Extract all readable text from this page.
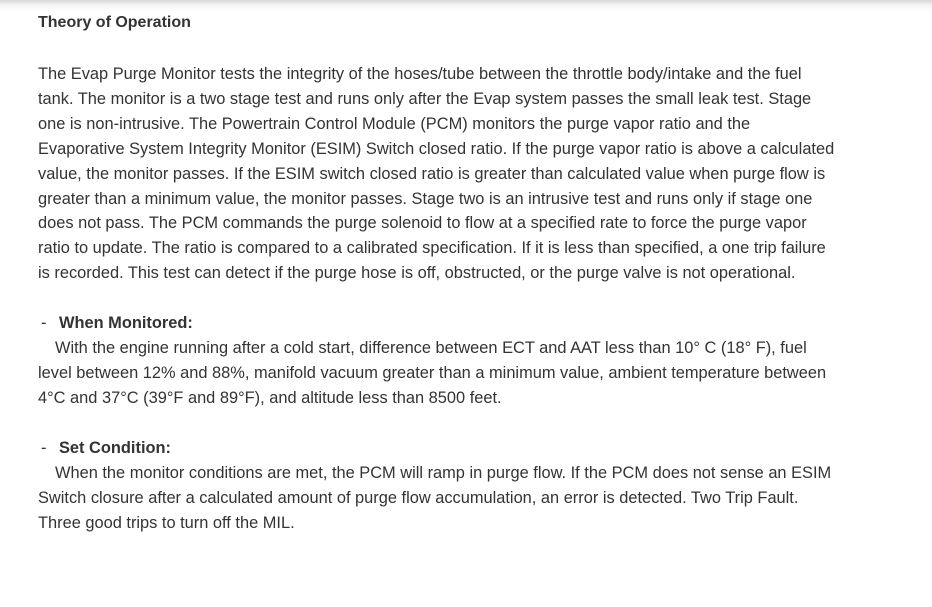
Theory of Operation

The Evap Purge Monitor tests the integrity of the hoses/tube between the throttle body/intake and the fuel tank. The monitor is a two stage test and runs only after the Evap system passes the small leak test. Stage one is non-intrusive. The Powertrain Control Module (PCM) monitors the purge vapor ratio and the Evaporative System Integrity Monitor (ESIM) Switch closed ratio. If the purge vapor ratio is above a calculated value, the monitor passes. If the ESIM switch closed ratio is greater than calculated value when purge flow is greater than a minimum value, the monitor passes. Stage two is an intrusive test and runs only if stage one does not pass. The PCM commands the purge solenoid to flow at a specified rate to force the purge vapor ratio to update. The ratio is compared to a calibrated specification. If it is less than specified, a one trip failure is recorded. This test can detect if the purge hose is off, obstructed, or the purge valve is not operational.

- When Monitored:
With the engine running after a cold start, difference between ECT and AAT less than 10° C (18° F), fuel level between 12% and 88%, manifold vacuum greater than a minimum value, ambient temperature between 4°C and 37°C (39°F and 89°F), and altitude less than 8500 feet.
- Set Condition:
When the monitor conditions are met, the PCM will ramp in purge flow. If the PCM does not sense an ESIM Switch closure after a calculated amount of purge flow accumulation, an error is detected. Two Trip Fault. Three good trips to turn off the MIL.
